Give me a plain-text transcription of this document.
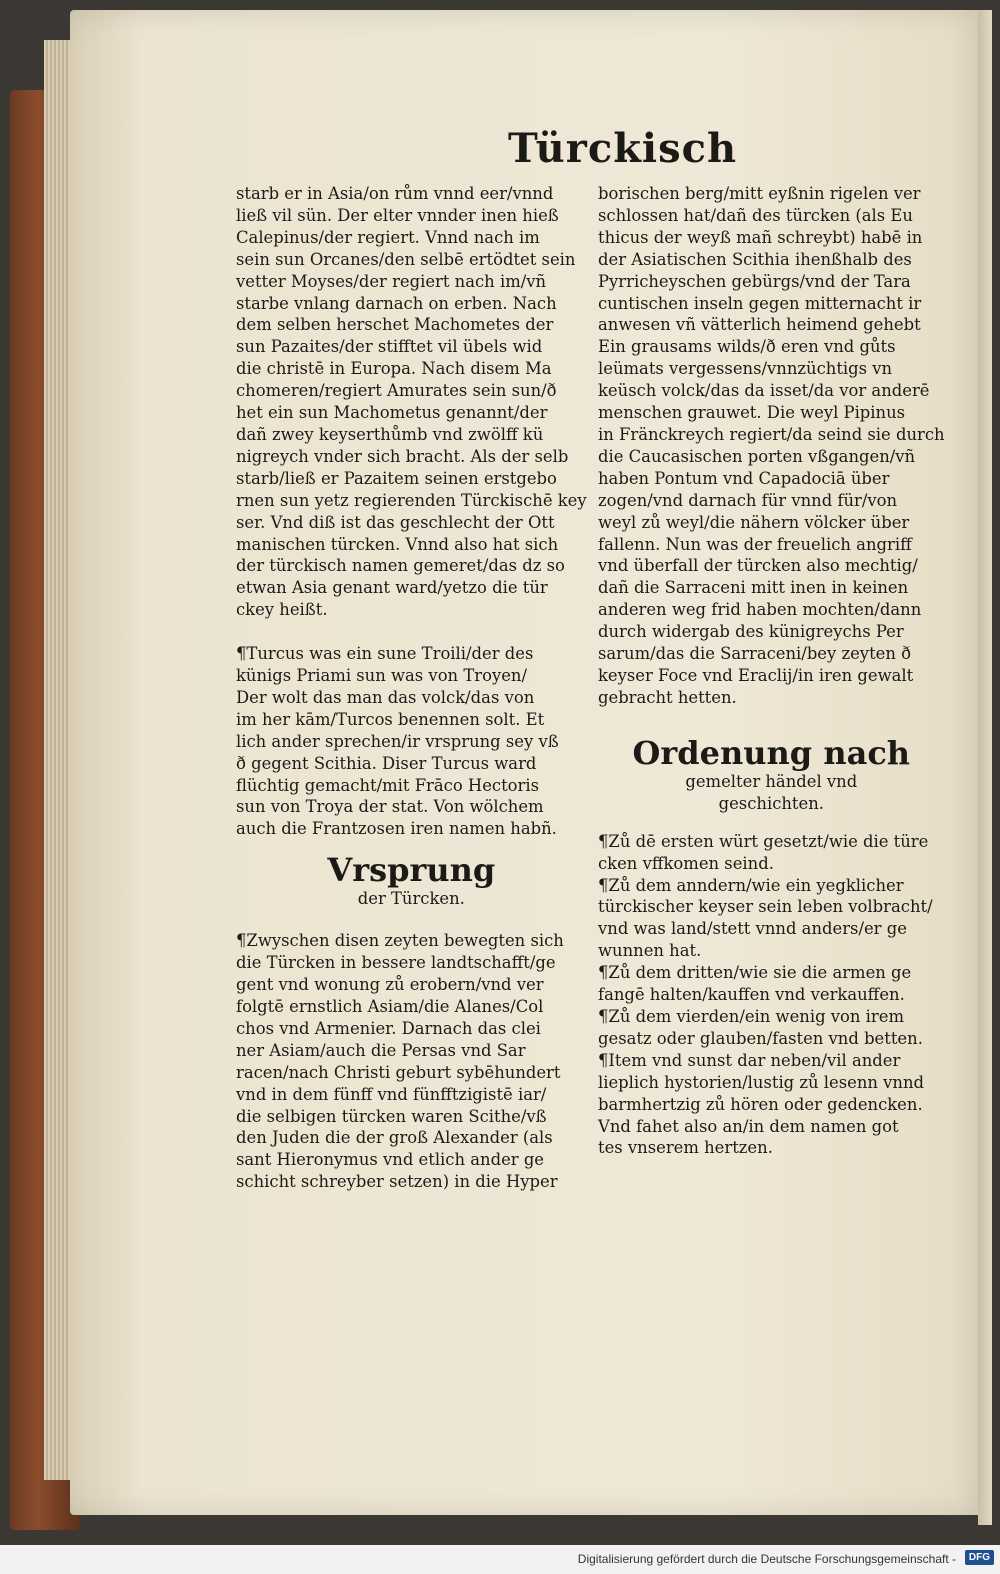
Türckisch

starb er in Asia/on rům vnnd eer/vnnd

ließ vil sün. Der elter vnnder inen hieß

Calepinus/der regiert. Vnnd nach im

sein sun Orcanes/den selbē ertödtet sein

vetter Moyses/der regiert nach im/vñ

starbe vnlang darnach on erben. Nach

dem selben herschet Machometes der

sun Pazaites/der stifftet vil übels wid

die christē in Europa. Nach disem Ma

chomeren/regiert Amurates sein sun/ð

het ein sun Machometus genannt/der

dañ zwey keyserthůmb vnd zwölff kü

nigreych vnder sich bracht. Als der selb

starb/ließ er Pazaitem seinen erstgebo

rnen sun yetz regierenden Türckischē key

ser. Vnd diß ist das geschlecht der Ott

manischen türcken. Vnnd also hat sich

der türckisch namen gemeret/das dz so

etwan Asia genant ward/yetzo die tür

ckey heißt.

¶Turcus was ein sune Troili/der des

künigs Priami sun was von Troyen/

Der wolt das man das volck/das von

im her kām/Turcos benennen solt. Et

lich ander sprechen/ir vrsprung sey vß

ð gegent Scithia. Diser Turcus ward

flüchtig gemacht/mit Frāco Hectoris

sun von Troya der stat. Von wölchem

auch die Frantzosen iren namen habñ.

Vrsprung
der Türcken.

¶Zwyschen disen zeyten bewegten sich

die Türcken in bessere landtschafft/ge

gent vnd wonung zů erobern/vnd ver

folgtē ernstlich Asiam/die Alanes/Col

chos vnd Armenier. Darnach das clei

ner Asiam/auch die Persas vnd Sar

racen/nach Christi geburt sybēhundert

vnd in dem fünff vnd fünfftzigistē iar/

die selbigen türcken waren Scithe/vß

den Juden die der groß Alexander (als

sant Hieronymus vnd etlich ander ge

schicht schreyber setzen) in die Hyper

borischen berg/mitt eyßnin rigelen ver

schlossen hat/dañ des türcken (als Eu

thicus der weyß mañ schreybt) habē in

der Asiatischen Scithia ihenßhalb des

Pyrricheyschen gebürgs/vnd der Tara

cuntischen inseln gegen mitternacht ir

anwesen vñ vätterlich heimend gehebt

Ein grausams wilds/ð eren vnd gůts

leümats vergessens/vnnzüchtigs vn

keüsch volck/das da isset/da vor anderē

menschen grauwet. Die weyl Pipinus

in Fränckreych regiert/da seind sie durch

die Caucasischen porten vßgangen/vñ

haben Pontum vnd Capadociā über

zogen/vnd darnach für vnnd für/von

weyl zů weyl/die nähern völcker über

fallenn. Nun was der freuelich angriff

vnd überfall der türcken also mechtig/

dañ die Sarraceni mitt inen in keinen

anderen weg frid haben mochten/dann

durch widergab des künigreychs Per

sarum/das die Sarraceni/bey zeyten ð

keyser Foce vnd Eraclij/in iren gewalt

gebracht hetten.

Ordenung nach

gemelter händel vnd

geschichten.

¶Zů dē ersten würt gesetzt/wie die türe

cken vffkomen seind.

¶Zů dem anndern/wie ein yegklicher

türckischer keyser sein leben volbracht/

vnd was land/stett vnnd anders/er ge

wunnen hat.

¶Zů dem dritten/wie sie die armen ge

fangē halten/kauffen vnd verkauffen.

¶Zů dem vierden/ein wenig von irem

gesatz oder glauben/fasten vnd betten.

¶Item vnd sunst dar neben/vil ander

lieplich hystorien/lustig zů lesenn vnnd

barmhertzig zů hören oder gedencken.

Vnd fahet also an/in dem namen got

tes vnserem hertzen.

Digitalisierung gefördert durch die Deutsche Forschungsgemeinschaft -	DFG
